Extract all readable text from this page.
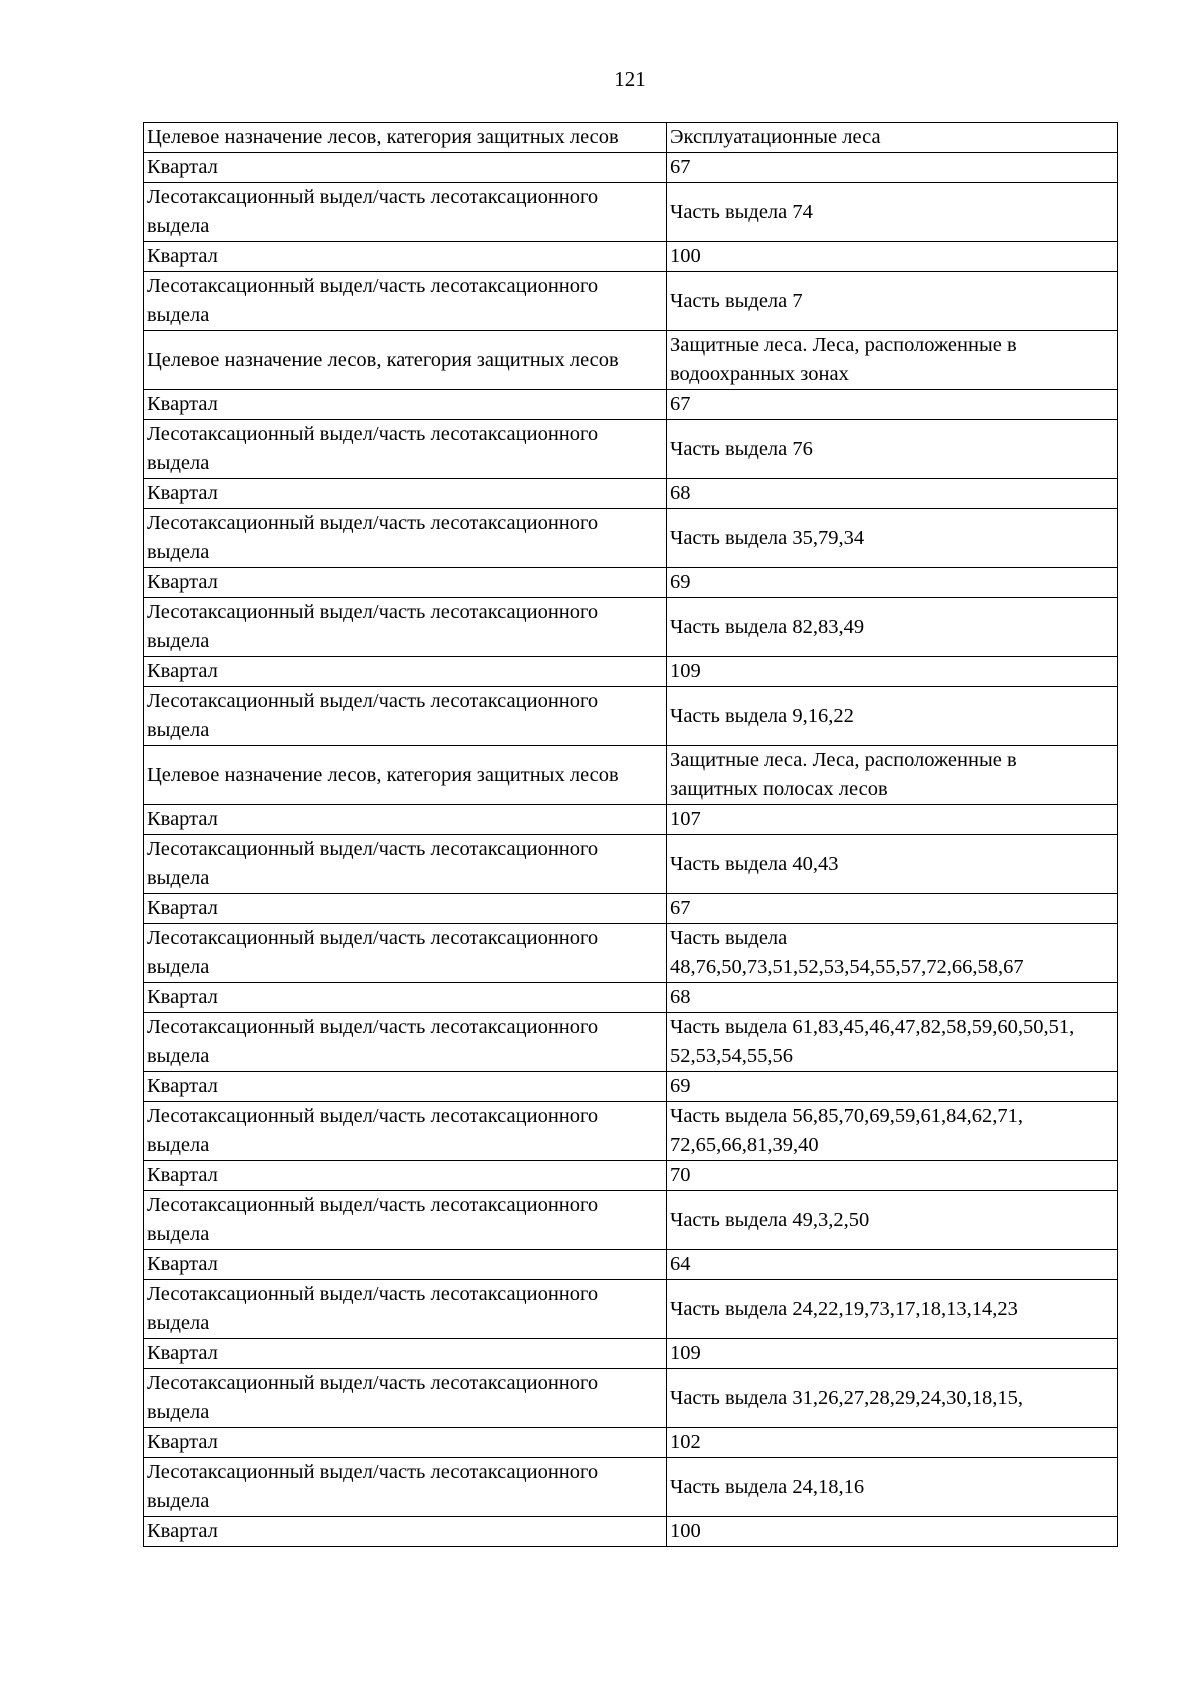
121
Целевое назначение лесов, категория защитных лесов	Эксплуатационные леса
Квартал	67
Лесотаксационный выдел/часть лесотаксационного
выдела	Часть выдела 74
Квартал	100
Лесотаксационный выдел/часть лесотаксационного
выдела	Часть выдела 7
Целевое назначение лесов, категория защитных лесов	Защитные леса. Леса, расположенные в
водоохранных зонах
Квартал	67
Лесотаксационный выдел/часть лесотаксационного
выдела	Часть выдела 76
Квартал	68
Лесотаксационный выдел/часть лесотаксационного
выдела	Часть выдела 35,79,34
Квартал	69
Лесотаксационный выдел/часть лесотаксационного
выдела	Часть выдела 82,83,49
Квартал	109
Лесотаксационный выдел/часть лесотаксационного
выдела	Часть выдела 9,16,22
Целевое назначение лесов, категория защитных лесов	Защитные леса. Леса, расположенные в
защитных полосах лесов
Квартал	107
Лесотаксационный выдел/часть лесотаксационного
выдела	Часть выдела 40,43
Квартал	67
Лесотаксационный выдел/часть лесотаксационного
выдела	Часть выдела
48,76,50,73,51,52,53,54,55,57,72,66,58,67
Квартал	68
Лесотаксационный выдел/часть лесотаксационного
выдела	Часть выдела 61,83,45,46,47,82,58,59,60,50,51,
52,53,54,55,56
Квартал	69
Лесотаксационный выдел/часть лесотаксационного
выдела	Часть выдела 56,85,70,69,59,61,84,62,71,
72,65,66,81,39,40
Квартал	70
Лесотаксационный выдел/часть лесотаксационного
выдела	Часть выдела 49,3,2,50
Квартал	64
Лесотаксационный выдел/часть лесотаксационного
выдела	Часть выдела 24,22,19,73,17,18,13,14,23
Квартал	109
Лесотаксационный выдел/часть лесотаксационного
выдела	Часть выдела 31,26,27,28,29,24,30,18,15,
Квартал	102
Лесотаксационный выдел/часть лесотаксационного
выдела	Часть выдела 24,18,16
Квартал	100
